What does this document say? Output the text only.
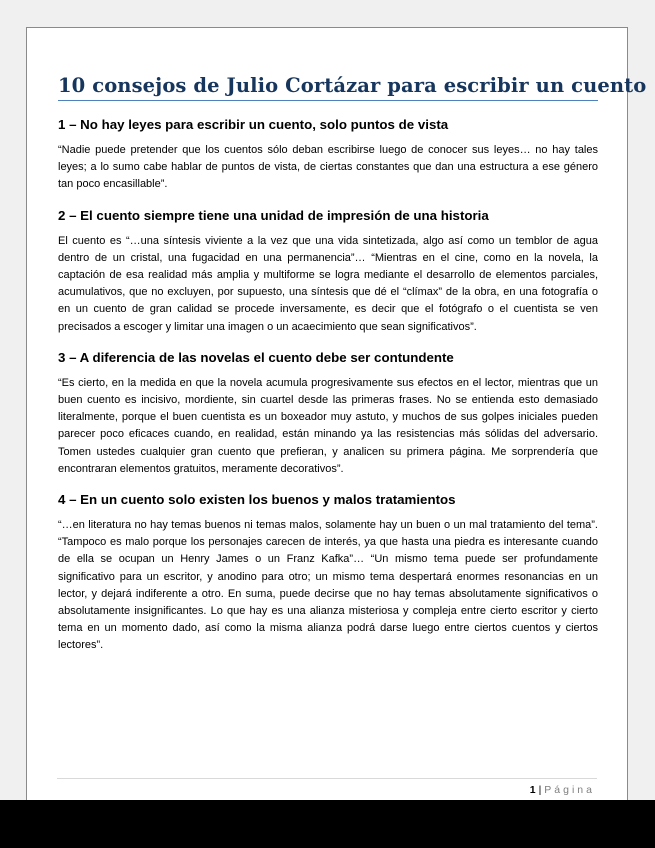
10 consejos de Julio Cortázar para escribir un cuento
1 – No hay leyes para escribir un cuento, solo puntos de vista

“Nadie puede pretender que los cuentos sólo deban escribirse luego de conocer sus leyes… no hay tales leyes; a lo sumo cabe hablar de puntos de vista, de ciertas constantes que dan una estructura a ese género tan poco encasillable”.

2 – El cuento siempre tiene una unidad de impresión de una historia

El cuento es “…una síntesis viviente a la vez que una vida sintetizada, algo así como un temblor de agua dentro de un cristal, una fugacidad en una permanencia”… “Mientras en el cine, como en la novela, la captación de esa realidad más amplia y multiforme se logra mediante el desarrollo de elementos parciales, acumulativos, que no excluyen, por supuesto, una síntesis que dé el “clímax” de la obra, en una fotografía o en un cuento de gran calidad se procede inversamente, es decir que el fotógrafo o el cuentista se ven precisados a escoger y limitar una imagen o un acaecimiento que sean significativos”.

3 – A diferencia de las novelas el cuento debe ser contundente

“Es cierto, en la medida en que la novela acumula progresivamente sus efectos en el lector, mientras que un buen cuento es incisivo, mordiente, sin cuartel desde las primeras frases. No se entienda esto demasiado literalmente, porque el buen cuentista es un boxeador muy astuto, y muchos de sus golpes iniciales pueden parecer poco eficaces cuando, en realidad, están minando ya las resistencias más sólidas del adversario. Tomen ustedes cualquier gran cuento que prefieran, y analicen su primera página. Me sorprendería que encontraran elementos gratuitos, meramente decorativos”.

4 – En un cuento solo existen los buenos y malos tratamientos

“…en literatura no hay temas buenos ni temas malos, solamente hay un buen o un mal tratamiento del tema”. “Tampoco es malo porque los personajes carecen de interés, ya que hasta una piedra es interesante cuando de ella se ocupan un Henry James o un Franz Kafka”… “Un mismo tema puede ser profundamente significativo para un escritor, y anodino para otro; un mismo tema despertará enormes resonancias en un lector, y dejará indiferente a otro. En suma, puede decirse que no hay temas absolutamente significativos o absolutamente insignificantes. Lo que hay es una alianza misteriosa y compleja entre cierto escritor y cierto tema en un momento dado, así como la misma alianza podrá darse luego entre ciertos cuentos y ciertos lectores”.

1 | Página
